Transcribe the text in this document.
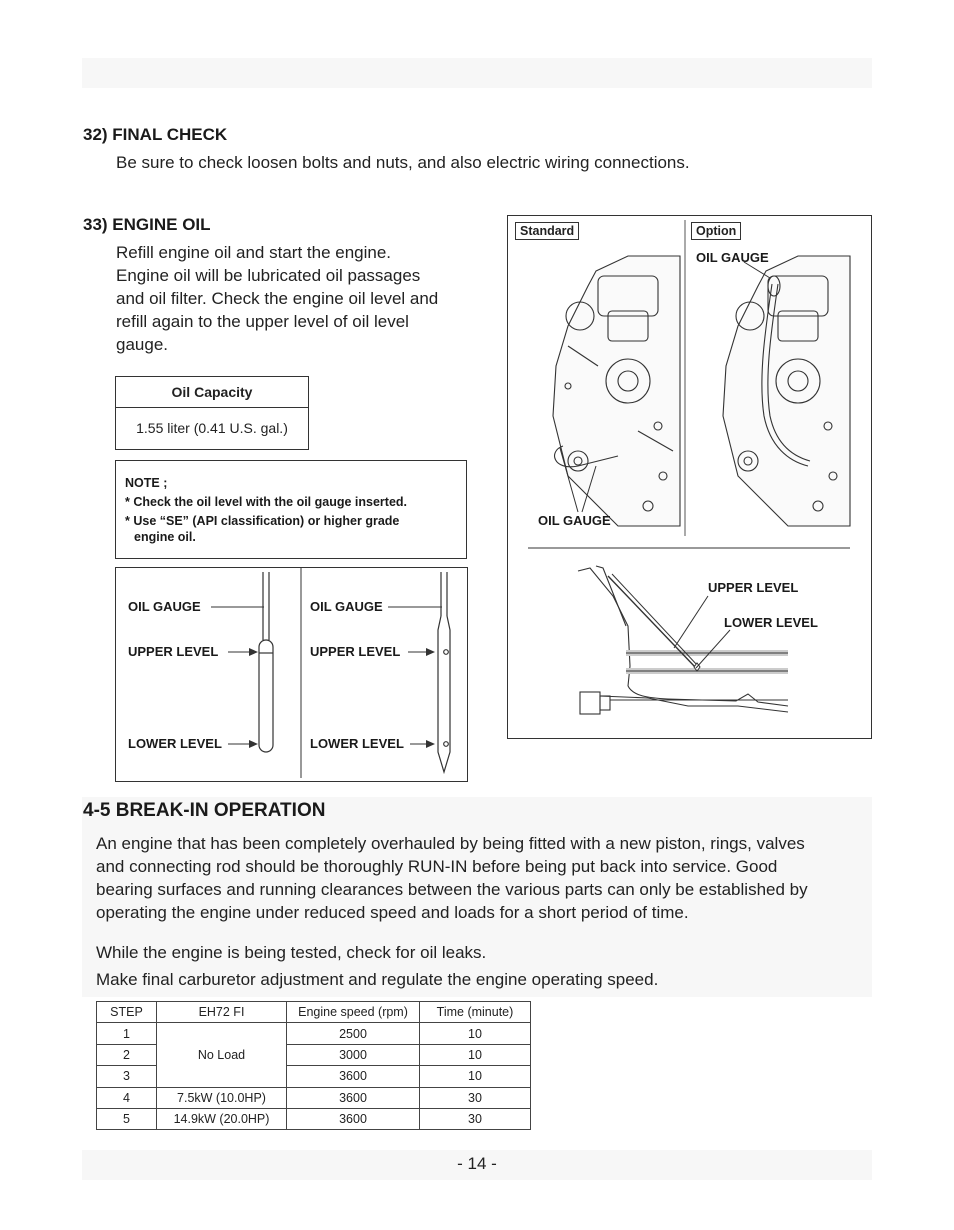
32) FINAL CHECK
Be sure to check loosen bolts and nuts, and also electric wiring connections.
33) ENGINE OIL
Refill engine oil and start the engine.
Engine oil will be lubricated oil passages
and oil filter. Check the engine oil level and
refill again to the upper level of oil level
gauge.
Oil Capacity
1.55 liter (0.41 U.S. gal.)
NOTE ;
* Check the oil level with the oil gauge inserted.
* Use “SE” (API classification) or higher grade
engine oil.
OIL GAUGE
UPPER LEVEL
LOWER LEVEL
OIL GAUGE
UPPER LEVEL
LOWER LEVEL
Standard	Option
OIL GAUGE
OIL GAUGE
UPPER LEVEL
LOWER LEVEL
4-5 BREAK-IN OPERATION
An engine that has been completely overhauled by being fitted with a new piston, rings, valves
and connecting rod should be thoroughly RUN-IN before being put back into service. Good
bearing surfaces and running clearances between the various parts can only be established by
operating the engine under reduced speed and loads for a short period of time.
While the engine is being tested, check for oil leaks.
Make final carburetor adjustment and regulate the engine operating speed.
STEP	EH72 FI	Engine speed (rpm)	Time (minute)
1	No Load	2500	10
2		3000	10
3		3600	10
4	7.5kW (10.0HP)	3600	30
5	14.9kW (20.0HP)	3600	30
- 14 -
